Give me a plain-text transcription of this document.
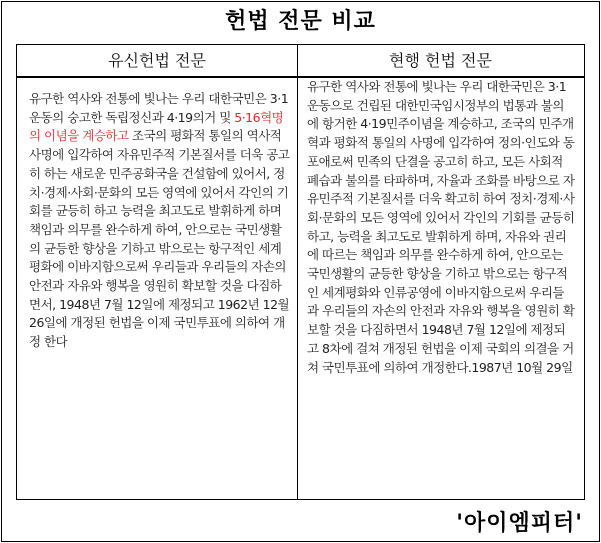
헌법 전문 비교
유신헌법 전문	현행 헌법 전문
유구한 역사와 전통에 빛나는 우리 대한국민은 3·1운동의 숭고한 독립정신과 4·19의거 및 5·16혁명의 이념을 계승하고 조국의 평화적 통일의 역사적 사명에 입각하여 자유민주적 기본질서를 더욱 공고히 하는 새로운 민주공화국을 건설함에 있어서, 정치·경제·사회·문화의 모든 영역에 있어서 각인의 기회를 균등히 하고 능력을 최고도로 발휘하게 하며 책임과 의무를 완수하게 하여, 안으로는 국민생활의 균등한 향상을 기하고 밖으로는 항구적인 세계평화에 이바지함으로써 우리들과 우리들의 자손의 안전과 자유와 행복을 영원히 확보할 것을 다짐하면서, 1948년 7월 12일에 제정되고 1962년 12월 26일에 개정된 헌법을 이제 국민투표에 의하여 개정 한다
유구한 역사와 전통에 빛나는 우리 대한국민은 3·1운동으로 건립된 대한민국임시정부의 법통과 불의에 항거한 4·19민주이념을 계승하고, 조국의 민주개혁과 평화적 통일의 사명에 입각하여 정의·인도와 동포애로써 민족의 단결을 공고히 하고, 모든 사회적 폐습과 불의를 타파하며, 자율과 조화를 바탕으로 자유민주적 기본질서를 더욱 확고히 하여 정치·경제·사회·문화의 모든 영역에 있어서 각인의 기회를 균등히 하고, 능력을 최고도로 발휘하게 하며, 자유와 권리에 따르는 책임과 의무를 완수하게 하여, 안으로는 국민생활의 균등한 향상을 기하고 밖으로는 항구적인 세계평화와 인류공영에 이바지함으로써 우리들과 우리들의 자손의 안전과 자유와 행복을 영원히 확보할 것을 다짐하면서 1948년 7월 12일에 제정되고 8차에 걸쳐 개정된 헌법을 이제 국회의 의결을 거쳐 국민투표에 의하여 개정한다.1987년 10월 29일
'아이엠피터'
